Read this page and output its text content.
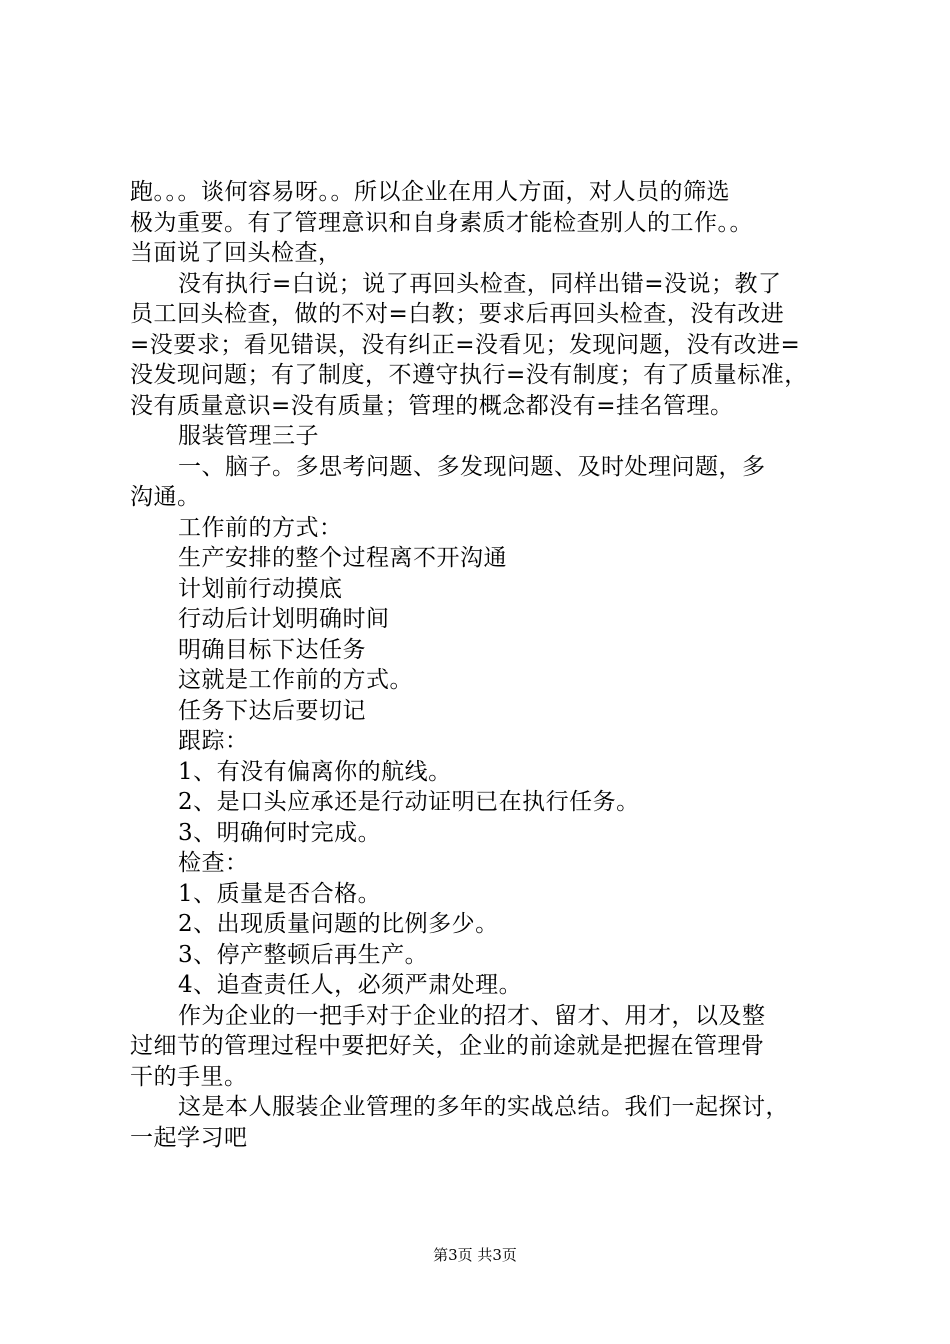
跑。。。谈何容易呀。。所以企业在用人方面，对人员的筛选
极为重要。有了管理意识和自身素质才能检查别人的工作。。
当面说了回头检查，
没有执行=白说；说了再回头检查，同样出错=没说；教了
员工回头检查，做的不对=白教；要求后再回头检查，没有改进
=没要求；看见错误，没有纠正=没看见；发现问题，没有改进=
没发现问题；有了制度，不遵守执行=没有制度；有了质量标准，
没有质量意识=没有质量；管理的概念都没有=挂名管理。
服装管理三子
一、脑子。多思考问题、多发现问题、及时处理问题，多
沟通。
工作前的方式：
生产安排的整个过程离不开沟通
计划前行动摸底
行动后计划明确时间
明确目标下达任务
这就是工作前的方式。
任务下达后要切记
跟踪：
1、有没有偏离你的航线。
2、是口头应承还是行动证明已在执行任务。
3、明确何时完成。
检查：
1、质量是否合格。
2、出现质量问题的比例多少。
3、停产整顿后再生产。
4、追查责任人，必须严肃处理。
作为企业的一把手对于企业的招才、留才、用才，以及整
过细节的管理过程中要把好关，企业的前途就是把握在管理骨
干的手里。
这是本人服装企业管理的多年的实战总结。我们一起探讨，
一起学习吧
第3页 共3页
